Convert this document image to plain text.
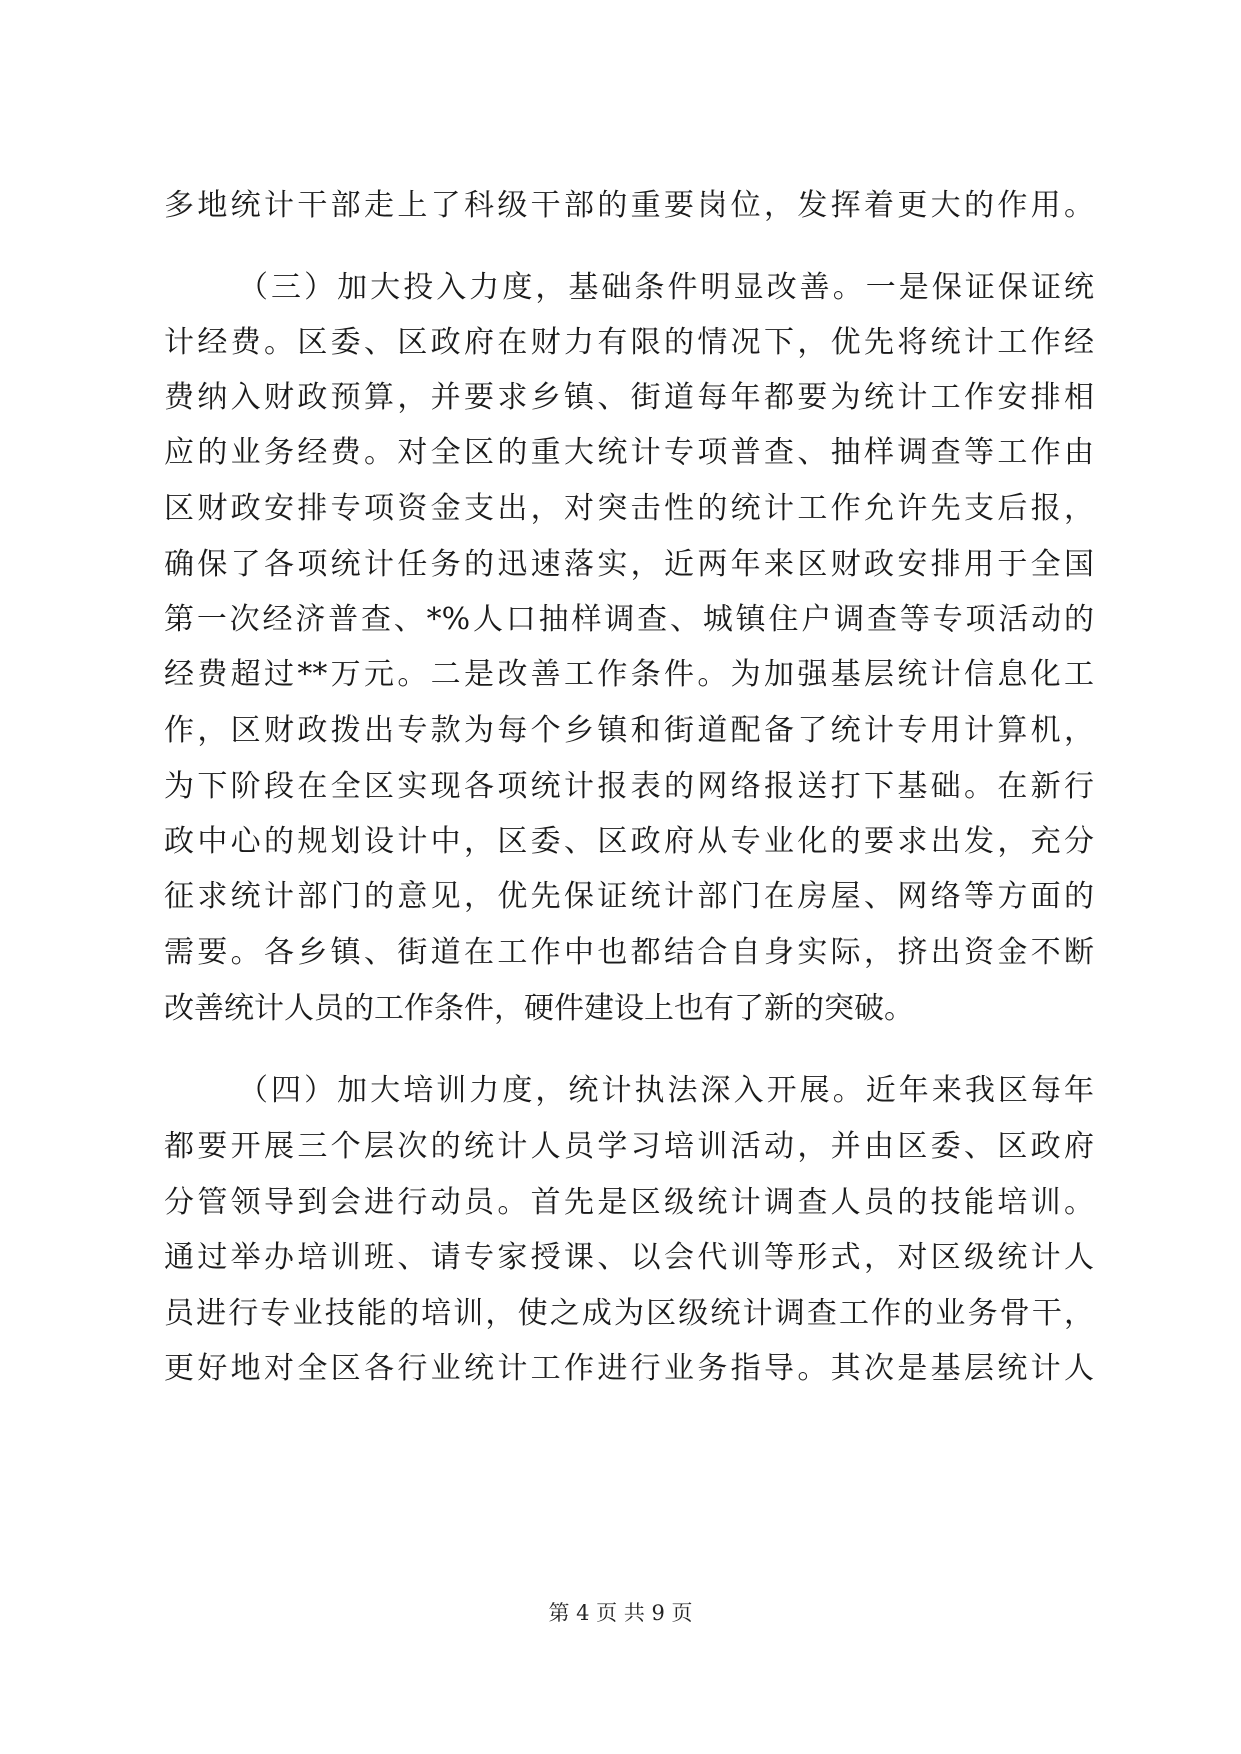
多地统计干部走上了科级干部的重要岗位，发挥着更大的作用。
（三）加大投入力度，基础条件明显改善。一是保证保证统
计经费。区委、区政府在财力有限的情况下，优先将统计工作经
费纳入财政预算，并要求乡镇、街道每年都要为统计工作安排相
应的业务经费。对全区的重大统计专项普查、抽样调查等工作由
区财政安排专项资金支出，对突击性的统计工作允许先支后报，
确保了各项统计任务的迅速落实，近两年来区财政安排用于全国
第一次经济普查、*%人口抽样调查、城镇住户调查等专项活动的
经费超过**万元。二是改善工作条件。为加强基层统计信息化工
作，区财政拨出专款为每个乡镇和街道配备了统计专用计算机，
为下阶段在全区实现各项统计报表的网络报送打下基础。在新行
政中心的规划设计中，区委、区政府从专业化的要求出发，充分
征求统计部门的意见，优先保证统计部门在房屋、网络等方面的
需要。各乡镇、街道在工作中也都结合自身实际，挤出资金不断
改善统计人员的工作条件，硬件建设上也有了新的突破。
（四）加大培训力度，统计执法深入开展。近年来我区每年
都要开展三个层次的统计人员学习培训活动，并由区委、区政府
分管领导到会进行动员。首先是区级统计调查人员的技能培训。
通过举办培训班、请专家授课、以会代训等形式，对区级统计人
员进行专业技能的培训，使之成为区级统计调查工作的业务骨干，
更好地对全区各行业统计工作进行业务指导。其次是基层统计人
第 4 页 共 9 页
